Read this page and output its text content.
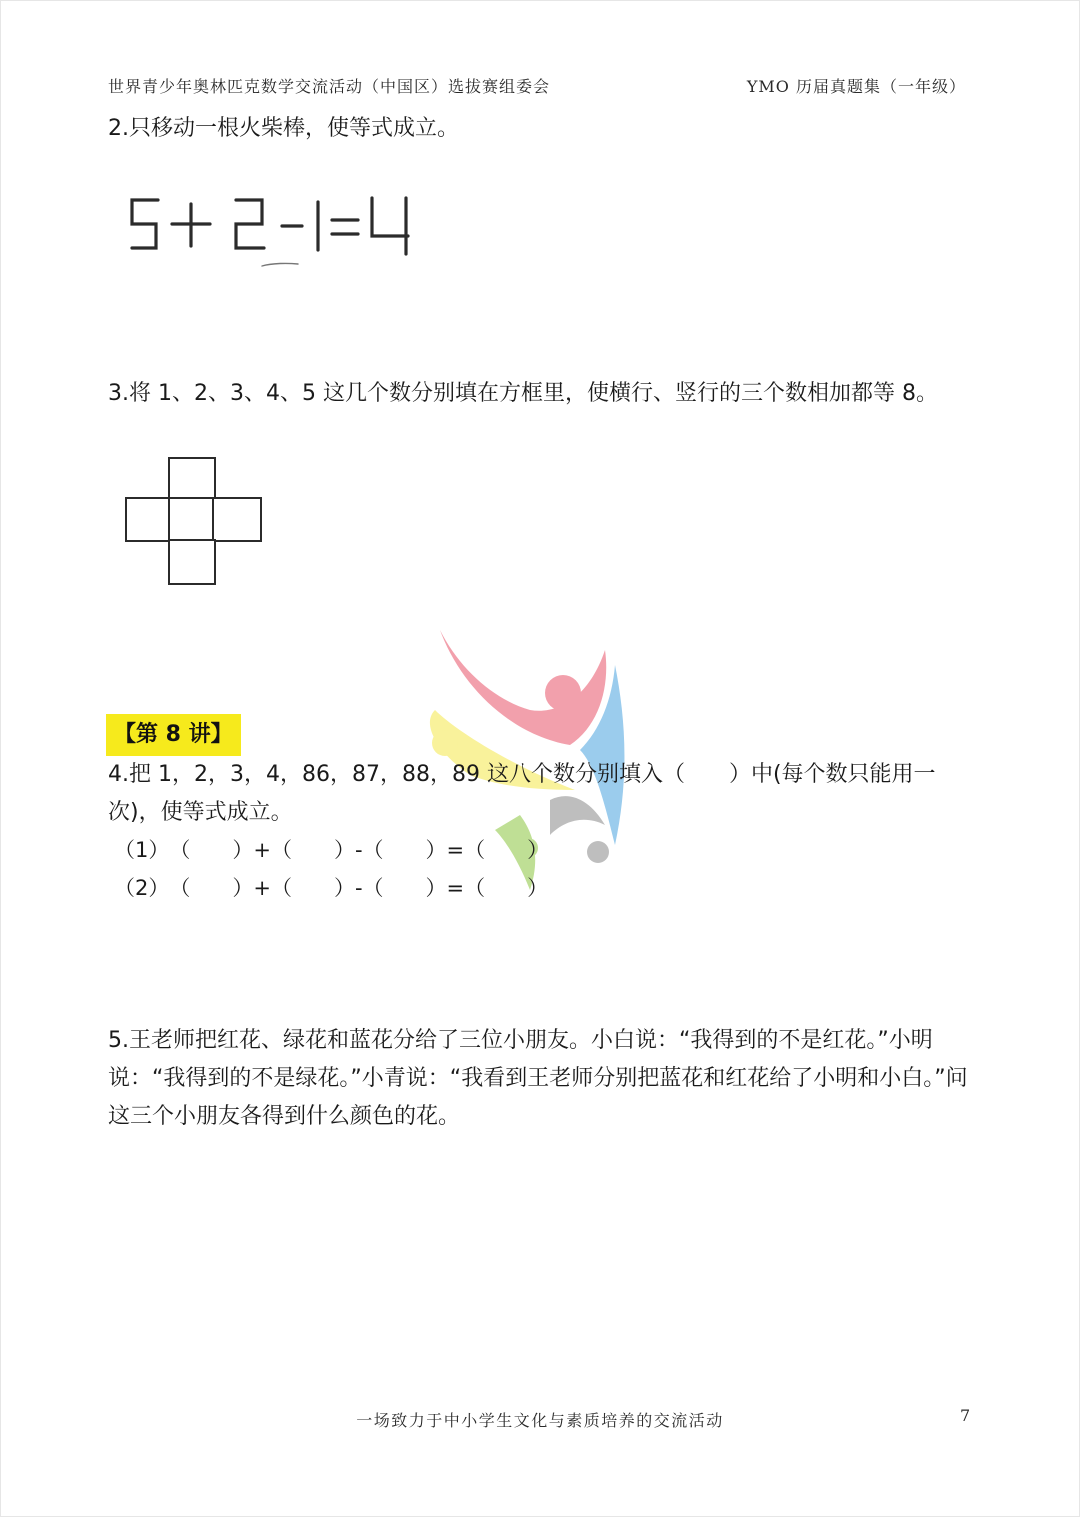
世界青少年奥林匹克数学交流活动（中国区）选拔赛组委会	YMO 历届真题集（一年级）
2.只移动一根火柴棒，使等式成立。
3.将 1、2、3、4、5 这几个数分别填在方框里，使横行、竖行的三个数相加都等 8。
【第 8 讲】
4.把 1，2，3，4，86，87，88，89 这八个数分别填入（　　）中(每个数只能用一次)，使等式成立。
（1）　（　　）+（　　）-（　　）=（　　）
（2）　（　　）+（　　）-（　　）=（　　）
5.王老师把红花、绿花和蓝花分给了三位小朋友。小白说：“我得到的不是红花。”小明说：“我得到的不是绿花。”小青说：“我看到王老师分别把蓝花和红花给了小明和小白。”问这三个小朋友各得到什么颜色的花。
一场致力于中小学生文化与素质培养的交流活动	7
